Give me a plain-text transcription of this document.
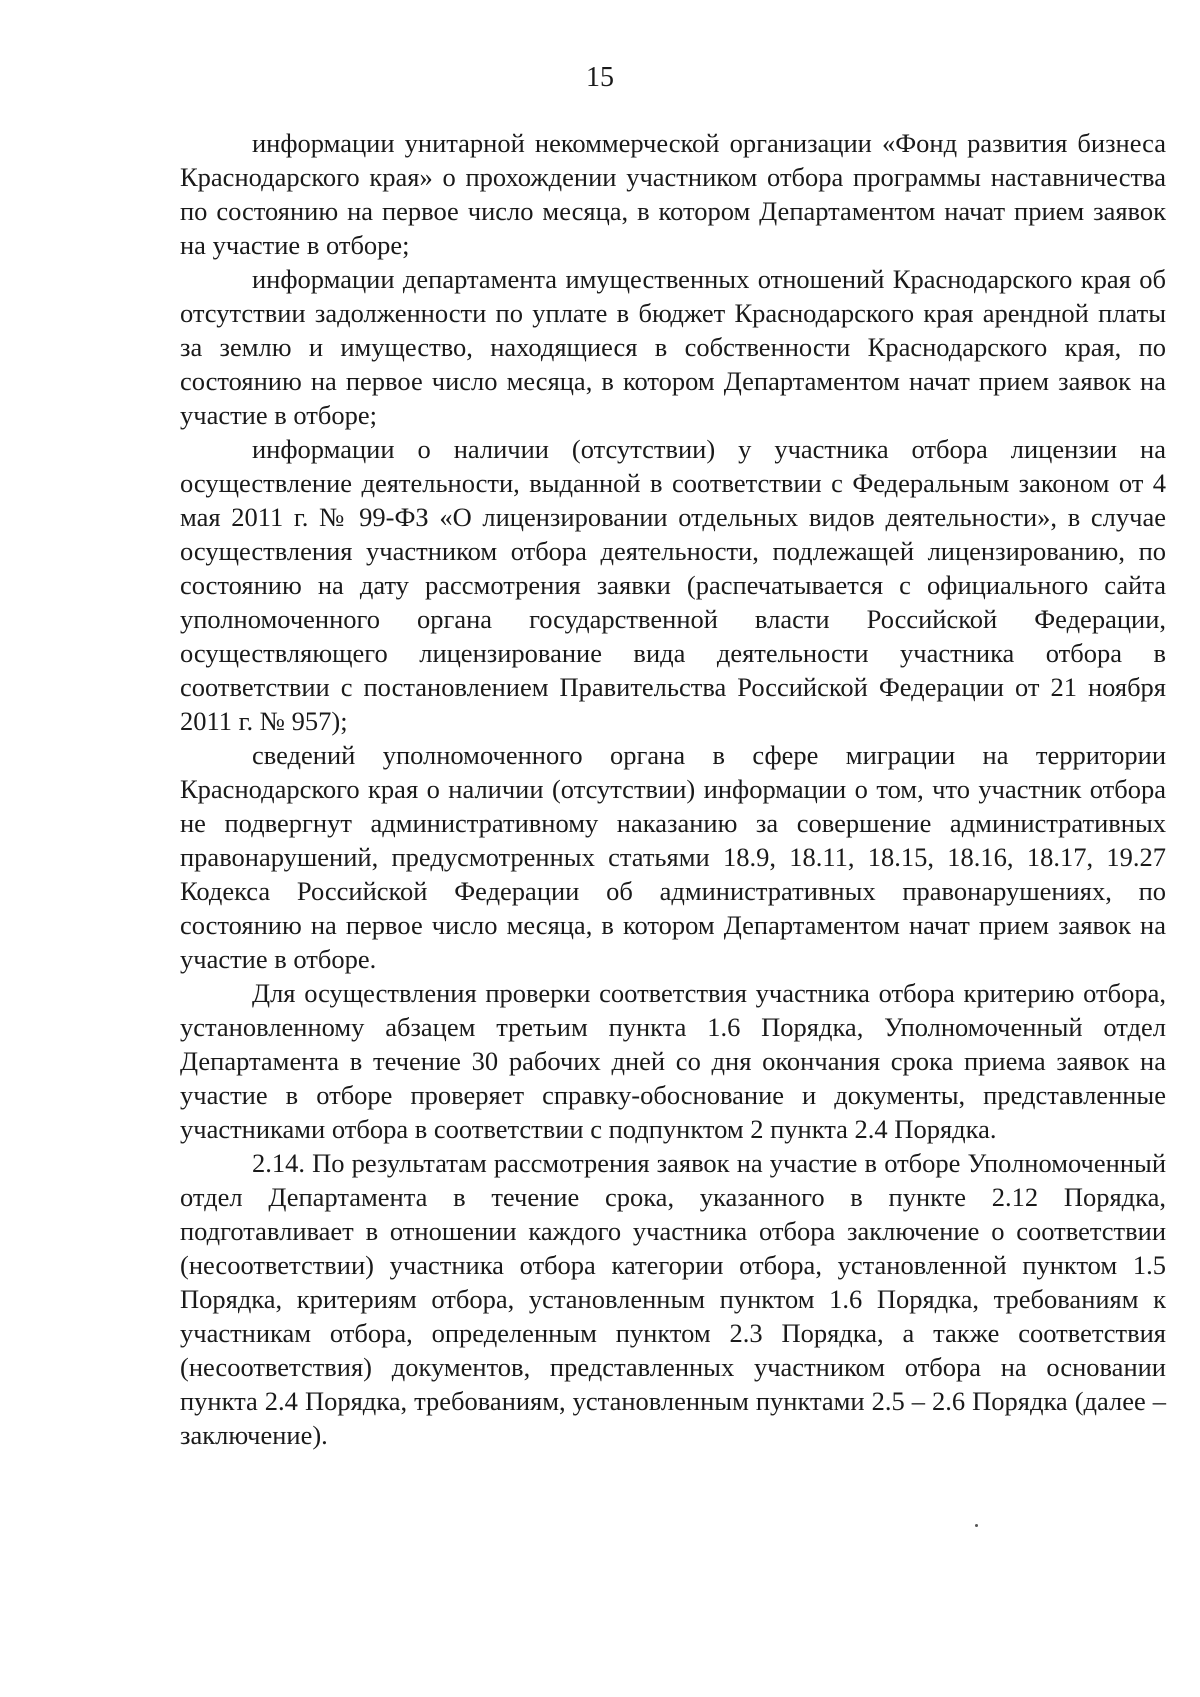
15

информации унитарной некоммерческой организации «Фонд развития бизнеса Краснодарского края» о прохождении участником отбора программы наставничества по состоянию на первое число месяца, в котором Департаментом начат прием заявок на участие в отборе;

информации департамента имущественных отношений Краснодарского края об отсутствии задолженности по уплате в бюджет Краснодарского края арендной платы за землю и имущество, находящиеся в собственности Краснодарского края, по состоянию на первое число месяца, в котором Департаментом начат прием заявок на участие в отборе;

информации о наличии (отсутствии) у участника отбора лицензии на осуществление деятельности, выданной в соответствии с Федеральным законом от 4 мая 2011 г. № 99-ФЗ «О лицензировании отдельных видов деятельности», в случае осуществления участником отбора деятельности, подлежащей лицензированию, по состоянию на дату рассмотрения заявки (распечатывается с официального сайта уполномоченного органа государственной власти Российской Федерации, осуществляющего лицензирование вида деятельности участника отбора в соответствии с постановлением Правительства Российской Федерации от 21 ноября 2011 г. № 957);

сведений уполномоченного органа в сфере миграции на территории Краснодарского края о наличии (отсутствии) информации о том, что участник отбора не подвергнут административному наказанию за совершение административных правонарушений, предусмотренных статьями 18.9, 18.11, 18.15, 18.16, 18.17, 19.27 Кодекса Российской Федерации об административных правонарушениях, по состоянию на первое число месяца, в котором Департаментом начат прием заявок на участие в отборе.

Для осуществления проверки соответствия участника отбора критерию отбора, установленному абзацем третьим пункта 1.6 Порядка, Уполномоченный отдел Департамента в течение 30 рабочих дней со дня окончания срока приема заявок на участие в отборе проверяет справку-обоснование и документы, представленные участниками отбора в соответствии с подпунктом 2 пункта 2.4 Порядка.

2.14. По результатам рассмотрения заявок на участие в отборе Уполномоченный отдел Департамента в течение срока, указанного в пункте 2.12 Порядка, подготавливает в отношении каждого участника отбора заключение о соответствии (несоответствии) участника отбора категории отбора, установленной пунктом 1.5 Порядка, критериям отбора, установленным пунктом 1.6 Порядка, требованиям к участникам отбора, определенным пунктом 2.3 Порядка, а также соответствия (несоответствия) документов, представленных участником отбора на основании пункта 2.4 Порядка, требованиям, установленным пунктами 2.5 – 2.6 Порядка (далее – заключение).
